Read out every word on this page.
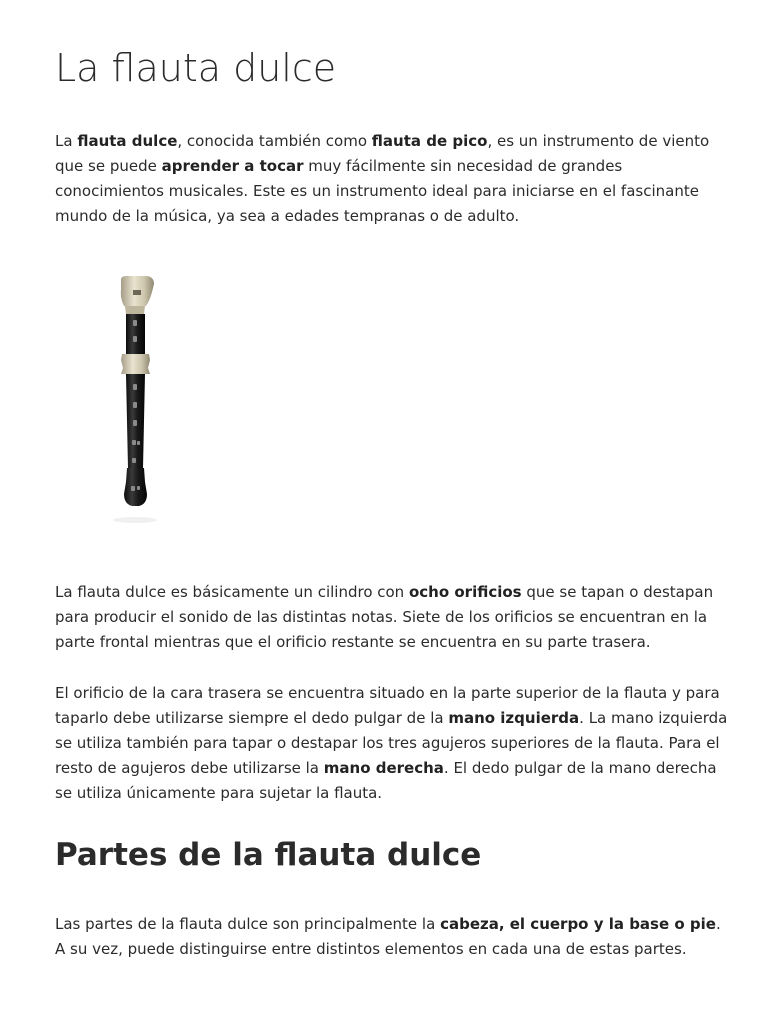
La flauta dulce

La flauta dulce, conocida también como flauta de pico, es un instrumento de viento que se puede aprender a tocar muy fácilmente sin necesidad de grandes conocimientos musicales. Este es un instrumento ideal para iniciarse en el fascinante mundo de la música, ya sea a edades tempranas o de adulto.

La flauta dulce es básicamente un cilindro con ocho orificios que se tapan o destapan para producir el sonido de las distintas notas. Siete de los orificios se encuentran en la parte frontal mientras que el orificio restante se encuentra en su parte trasera.

El orificio de la cara trasera se encuentra situado en la parte superior de la flauta y para taparlo debe utilizarse siempre el dedo pulgar de la mano izquierda. La mano izquierda se utiliza también para tapar o destapar los tres agujeros superiores de la flauta. Para el resto de agujeros debe utilizarse la mano derecha. El dedo pulgar de la mano derecha se utiliza únicamente para sujetar la flauta.

Partes de la flauta dulce

Las partes de la flauta dulce son principalmente la cabeza, el cuerpo y la base o pie. A su vez, puede distinguirse entre distintos elementos en cada una de estas partes.
